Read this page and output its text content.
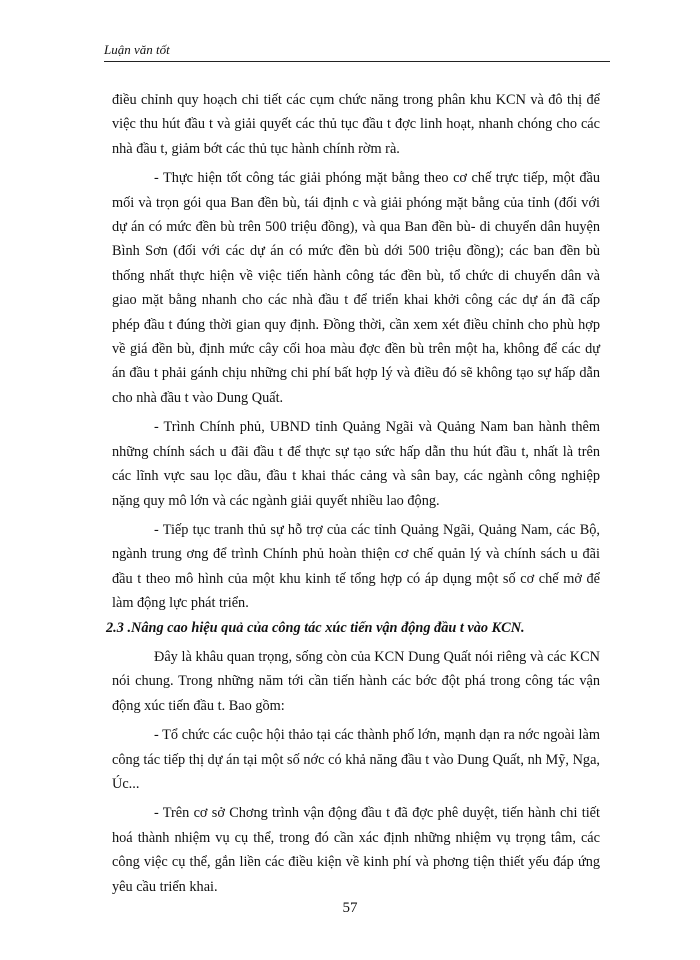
Luận văn tốt

điều chỉnh quy hoạch chi tiết các cụm chức năng trong phân khu KCN và đô thị để việc thu hút đầu t và giải quyết các thủ tục đầu t đợc linh hoạt, nhanh chóng cho các nhà đầu t, giảm bớt các thủ tục hành chính rờm rà.

- Thực hiện tốt công tác giải phóng mặt bằng theo cơ chế trực tiếp, một đầu mối và trọn gói qua Ban đền bù, tái định c và giải phóng mặt bằng của tỉnh (đối với dự án có mức đền bù trên 500 triệu đồng), và qua Ban đền bù- di chuyển dân huyện Bình Sơn (đối với các dự án có mức đền bù dới 500 triệu đồng); các ban đền bù thống nhất thực hiện về việc tiến hành công tác đền bù, tổ chức di chuyển dân và giao mặt bằng nhanh cho các nhà đầu t để triển khai khởi công các dự án đã cấp phép đầu t đúng thời gian quy định. Đồng thời, cần xem xét điều chỉnh cho phù hợp về giá đền bù, định mức cây cối hoa màu đợc đền bù trên một ha, không để các dự án đầu t phải gánh chịu những chi phí bất hợp lý và điều đó sẽ không tạo sự hấp dẫn cho nhà đầu t vào Dung Quất.

- Trình Chính phủ, UBND tỉnh Quảng Ngãi và Quảng Nam ban hành thêm những chính sách u đãi đầu t để thực sự tạo sức hấp dẫn thu hút đầu t, nhất là trên các lĩnh vực sau lọc dầu, đầu t khai thác cảng và sân bay, các ngành công nghiệp nặng quy mô lớn và các ngành giải quyết nhiều lao động.

- Tiếp tục tranh thủ sự hỗ trợ của các tỉnh Quảng Ngãi, Quảng Nam, các Bộ, ngành trung ơng để trình Chính phủ hoàn thiện cơ chế quản lý và chính sách u đãi đầu t theo mô hình của một khu kinh tế tổng hợp có áp dụng một số cơ chế mở để làm động lực phát triển.

2.3 .Nâng cao hiệu quả của công tác xúc tiến vận động đầu t vào KCN.

Đây là khâu quan trọng, sống còn của KCN Dung Quất nói riêng và các KCN nói chung. Trong những năm tới cần tiến hành các bớc đột phá trong công tác vận động xúc tiến đầu t. Bao gồm:

- Tổ chức các cuộc hội thảo tại các thành phố lớn, mạnh dạn ra nớc ngoài làm công tác tiếp thị dự án tại một số nớc có khả năng đầu t vào Dung Quất, nh Mỹ, Nga, Úc...

- Trên cơ sở Chơng trình vận động đầu t đã đợc phê duyệt, tiến hành chi tiết hoá thành nhiệm vụ cụ thể, trong đó cần xác định những nhiệm vụ trọng tâm, các công việc cụ thể, gắn liền các điều kiện về kinh phí và phơng tiện thiết yếu đáp ứng yêu cầu triển khai.

57
